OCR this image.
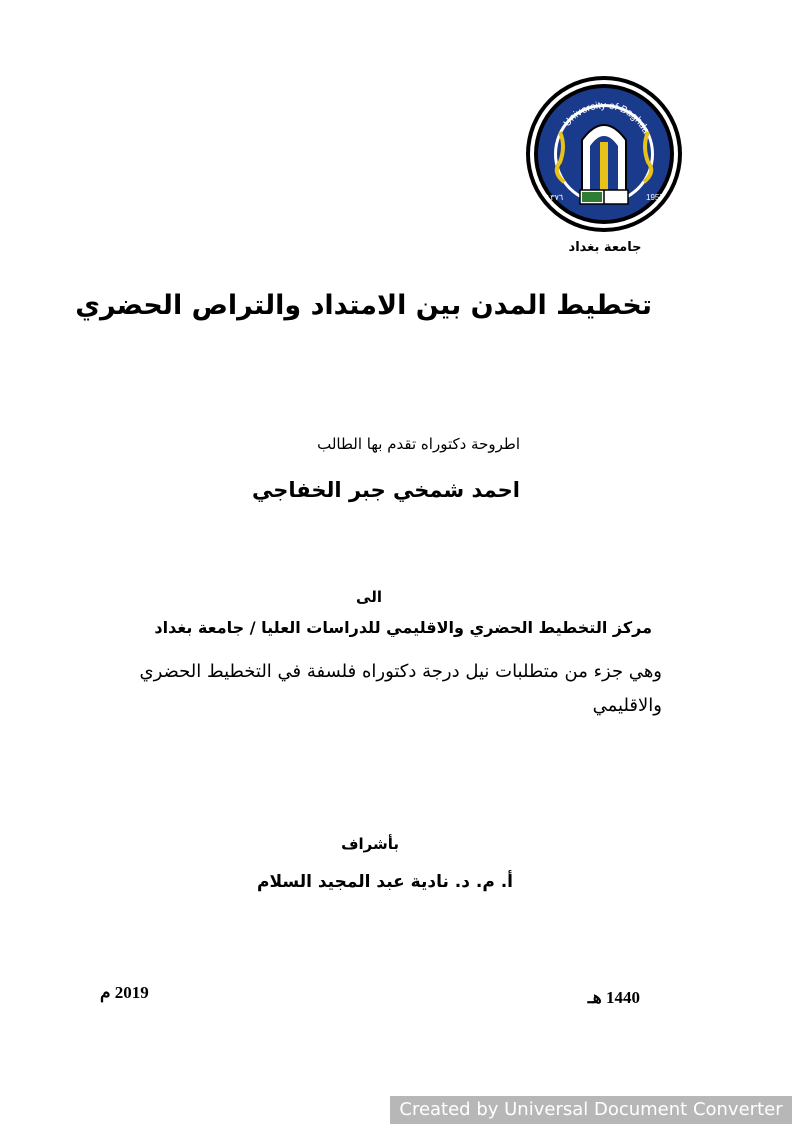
University of Baghda
1957
١٣٧٦
جامعة بغداد
تخطيط المدن بين الامتداد والتراص الحضري
اطروحة دكتوراه تقدم بها الطالب
احمد شمخي جبر الخفاجي
الى
مركز التخطيط الحضري والاقليمي للدراسات العليا / جامعة بغداد
وهي جزء من متطلبات نيل درجة دكتوراه فلسفة في التخطيط الحضري والاقليمي
بأشراف
أ. م. د. نادية عبد المجيد السلام
2019 م	1440 هـ
Created by Universal Document Converter
